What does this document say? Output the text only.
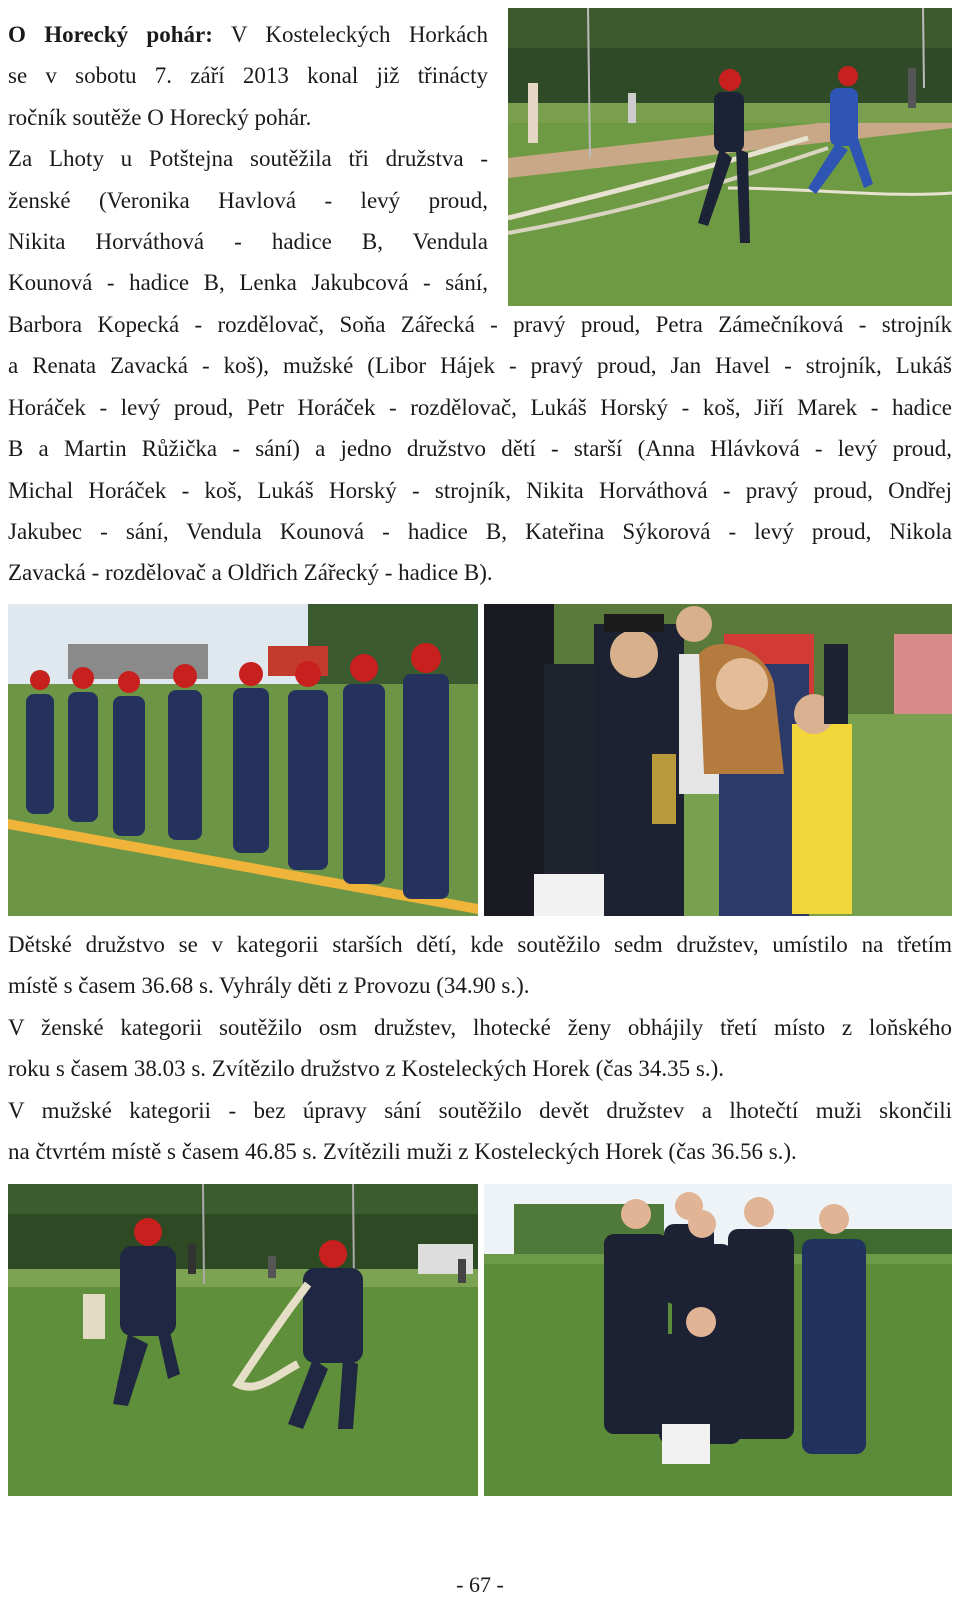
O Horecký pohár: V Kosteleckých Horkách
se v sobotu 7. září 2013 konal již třinácty
ročník soutěže O Horecký pohár.
Za Lhoty u Potštejna soutěžila tři družstva -
ženské (Veronika Havlová - levý proud,
Nikita Horváthová - hadice B, Vendula
Kounová - hadice B, Lenka Jakubcová - sání,

Barbora Kopecká - rozdělovač, Soňa Zářecká - pravý proud, Petra Zámečníková - strojník
a Renata Zavacká - koš), mužské (Libor Hájek - pravý proud, Jan Havel - strojník, Lukáš
Horáček - levý proud, Petr Horáček - rozdělovač, Lukáš Horský - koš, Jiří Marek - hadice
B a Martin Růžička - sání) a jedno družstvo dětí - starší (Anna Hlávková - levý proud,
Michal Horáček - koš, Lukáš Horský - strojník, Nikita Horváthová - pravý proud, Ondřej
Jakubec - sání, Vendula Kounová - hadice B, Kateřina Sýkorová - levý proud, Nikola
Zavacká - rozdělovač a Oldřich Zářecký - hadice B).

Dětské družstvo se v kategorii starších dětí, kde soutěžilo sedm družstev, umístilo na třetím
místě s časem 36.68 s. Vyhrály děti z Provozu (34.90 s.).
V ženské kategorii soutěžilo osm družstev, lhotecké ženy obhájily třetí místo z loňského
roku s časem 38.03 s. Zvítězilo družstvo z Kosteleckých Horek (čas 34.35 s.).
V mužské kategorii - bez úpravy sání soutěžilo devět družstev a lhotečtí muži skončili
na čtvrtém místě s časem 46.85 s. Zvítězili muži z Kosteleckých Horek (čas 36.56 s.).

- 67 -
